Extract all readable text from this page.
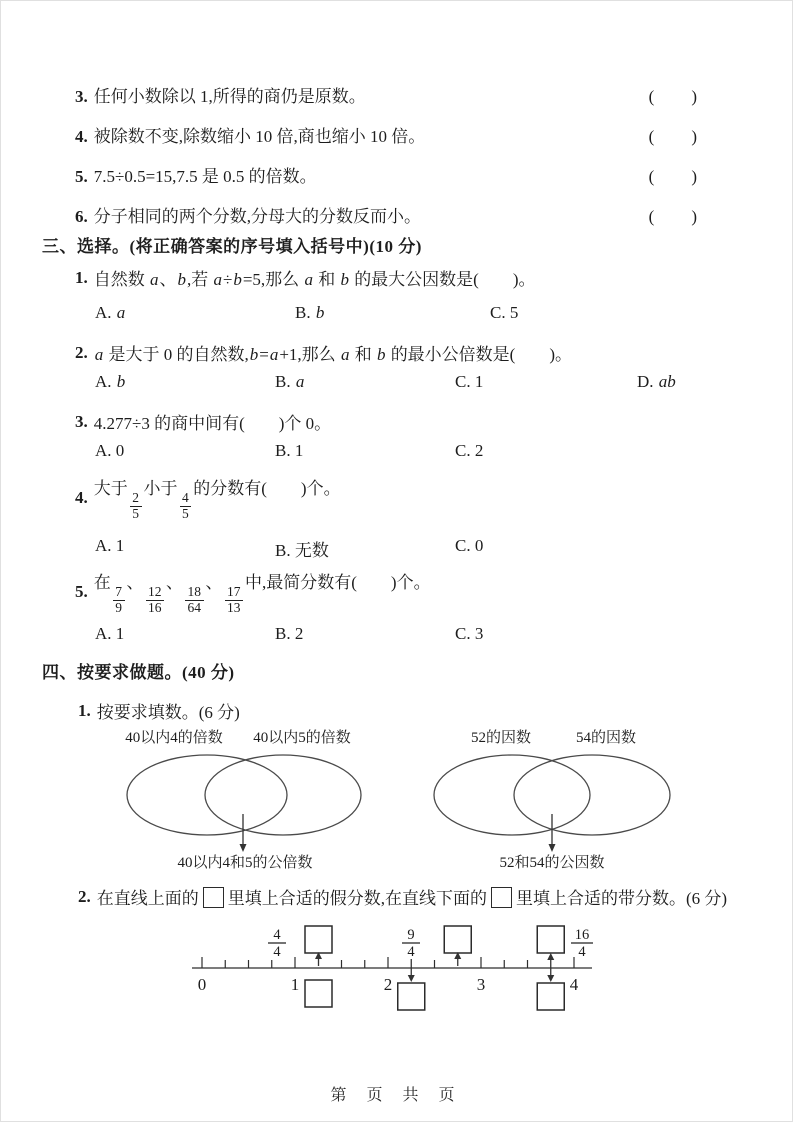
3. 任何小数除以 1,所得的商仍是原数。	(　　)
4. 被除数不变,除数缩小 10 倍,商也缩小 10 倍。	(　　)
5. 7.5÷0.5=15,7.5 是 0.5 的倍数。	(　　)
6. 分子相同的两个分数,分母大的分数反而小。	(　　)
三、选择。(将正确答案的序号填入括号中)(10 分)
1. 自然数 a、b,若 a÷b=5,那么 a 和 b 的最大公因数是(　　)。
A. a	B. b	C. 5
2. a 是大于 0 的自然数,b=a+1,那么 a 和 b 的最小公倍数是(　　)。
A. b	B. a	C. 1	D. ab
3. 4.277÷3 的商中间有(　　)个 0。
A. 0	B. 1	C. 2
4. 大于
$\frac{2}{5}$
小于
$\frac{4}{5}$
的分数有(　　)个。
A. 1	B. 无数	C. 0
5. 在
$\frac{7}{9}$
、
$\frac{12}{16}$
、
$\frac{18}{64}$
、
$\frac{17}{13}$
中,最简分数有(　　)个。
A. 1	B. 2	C. 3
四、按要求做题。(40 分)
1. 按要求填数。(6 分)
40以内4的倍数 40以内5的倍数
40以内4和5的公倍数
52的因数	54的因数
52和54的公因数
2. 在直线上面的 里填上合适的假分数,在直线下面的 里填上合适的带分数。(6 分)
0	1	2	3	4
4
4
9
4
16
4
第 页 共 页
